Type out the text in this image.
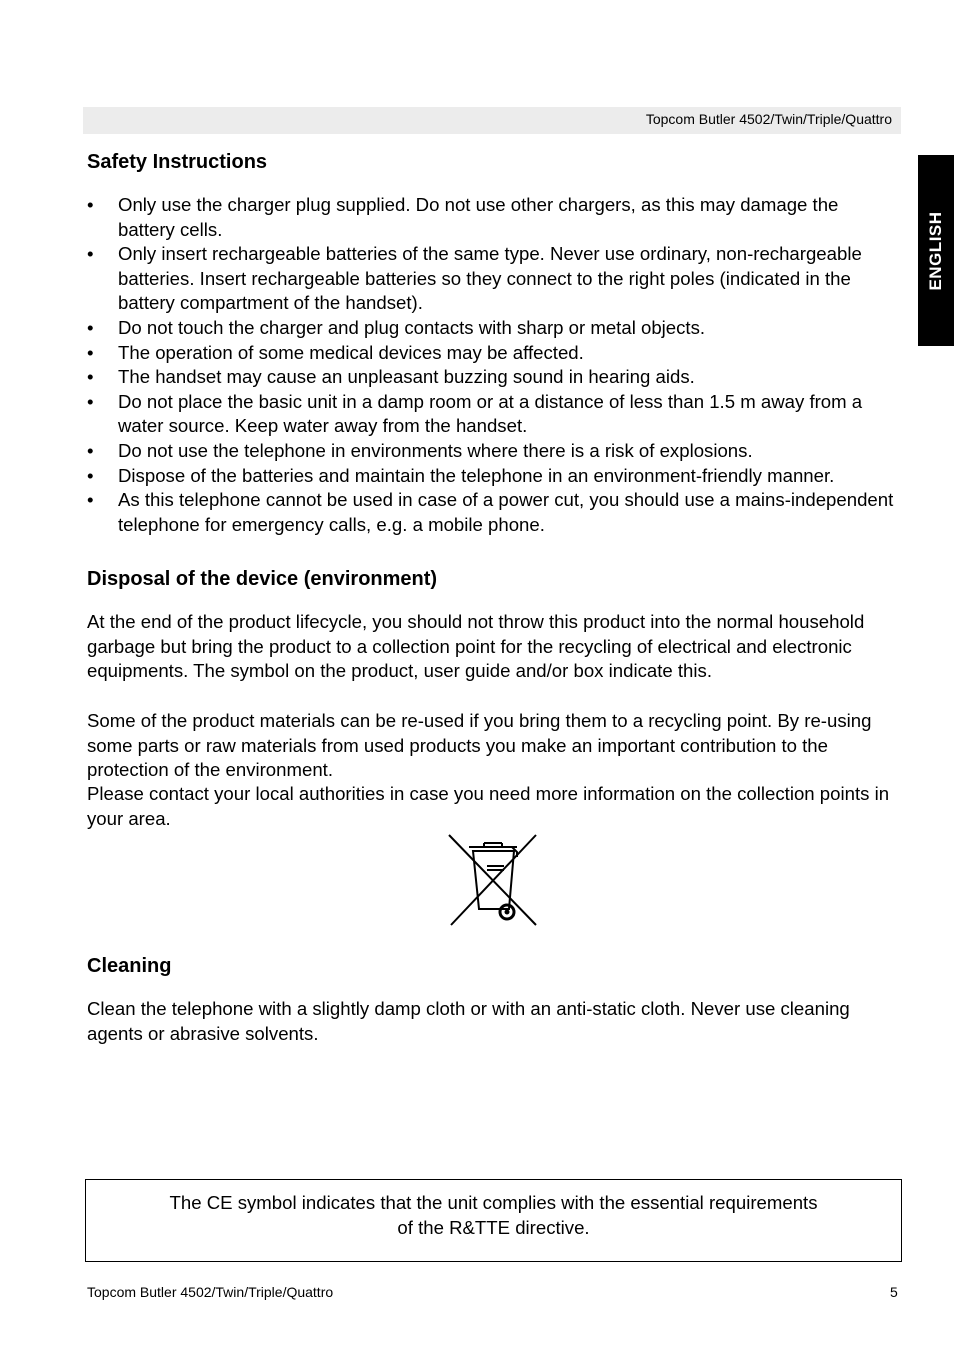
Topcom Butler 4502/Twin/Triple/Quattro
ENGLISH
Safety Instructions
• Only use the charger plug supplied. Do not use other chargers, as this may damage the battery cells.
• Only insert rechargeable batteries of the same type. Never use ordinary, non-rechargeable batteries. Insert rechargeable batteries so they connect to the right poles (indicated in the battery compartment of the handset).
• Do not touch the charger and plug contacts with sharp or metal objects.
• The operation of some medical devices may be affected.
• The handset may cause an unpleasant buzzing sound in hearing aids.
• Do not place the basic unit in a damp room or at a distance of less than 1.5 m away from a water source. Keep water away from the handset.
• Do not use the telephone in environments where there is a risk of explosions.
• Dispose of the batteries and maintain the telephone in an environment-friendly manner.
• As this telephone cannot be used in case of a power cut, you should use a mains-independent telephone for emergency calls, e.g. a mobile phone.
Disposal of the device (environment)

At the end of the product lifecycle, you should not throw this product into the normal household garbage but bring the product to a collection point for the recycling of electrical and electronic equipments. The symbol on the product, user guide and/or box indicate this.

Some of the product materials can be re-used if you bring them to a recycling point. By re-using some parts or raw materials from used products you make an important contribution to the protection of the environment.

Please contact your local authorities in case you need more information on the collection points in your area.

Cleaning

Clean the telephone with a slightly damp cloth or with an anti-static cloth. Never use cleaning agents or abrasive solvents.

The CE symbol indicates that the unit complies with the essential requirements
of the R&TTE directive.
Topcom Butler 4502/Twin/Triple/Quattro	5
